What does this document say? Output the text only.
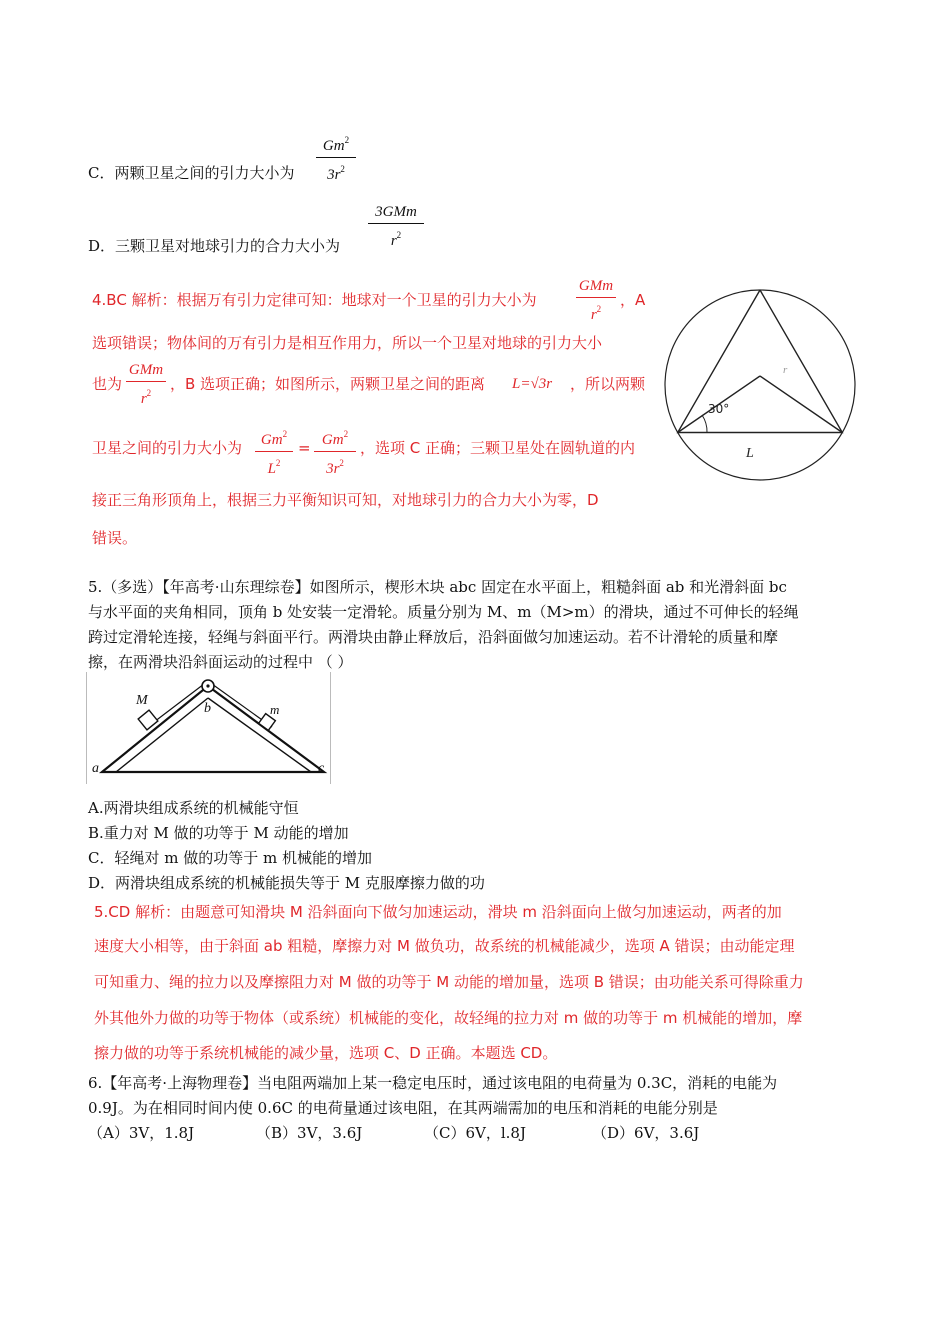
C．两颗卫星之间的引力大小为
Gm$^2$
$3r^2$
D．三颗卫星对地球引力的合力大小为
3GMm
$r^2$
4.BC 解析：根据万有引力定律可知：地球对一个卫星的引力大小为
GMm
$r^2$	，A
选项错误；物体间的万有引力是相互作用力，所以一个卫星对地球的引力大小
也为
GMm
$r^2$	，B 选项正确；如图所示，两颗卫星之间的距离 L=√3r ，所以两颗
卫星之间的引力大小为	Gm$^2$
$L^2$
= $Gm^2$
$3r^2$
，选项 C 正确；三颗卫星处在圆轨道的内
接正三角形顶角上，根据三力平衡知识可知，对地球引力的合力大小为零，D
错误。
30°
r
L
5.（多选）【年高考·山东理综卷】如图所示，楔形木块 abc 固定在水平面上，粗糙斜面 ab 和光滑斜面 bc
与水平面的夹角相同，顶角 b 处安装一定滑轮。质量分别为 M、m（M>m）的滑块，通过不可伸长的轻绳
跨过定滑轮连接，轻绳与斜面平行。两滑块由静止释放后，沿斜面做匀加速运动。若不计滑轮的质量和摩
擦，在两滑块沿斜面运动的过程中 （ ）
M
m
b
a	c
A.两滑块组成系统的机械能守恒
B.重力对 M 做的功等于 M 动能的增加
C．轻绳对 m 做的功等于 m 机械能的增加
D．两滑块组成系统的机械能损失等于 M 克服摩擦力做的功
5.CD 解析：由题意可知滑块 M 沿斜面向下做匀加速运动，滑块 m 沿斜面向上做匀加速运动，两者的加
速度大小相等，由于斜面 ab 粗糙，摩擦力对 M 做负功，故系统的机械能减少，选项 A 错误；由动能定理
可知重力、绳的拉力以及摩擦阻力对 M 做的功等于 M 动能的增加量，选项 B 错误；由功能关系可得除重力
外其他外力做的功等于物体（或系统）机械能的变化，故轻绳的拉力对 m 做的功等于 m 机械能的增加，摩
擦力做的功等于系统机械能的减少量，选项 C、D 正确。本题选 CD。
6.【年高考·上海物理卷】当电阻两端加上某一稳定电压时，通过该电阻的电荷量为 0.3C，消耗的电能为
0.9J。为在相同时间内使 0.6C 的电荷量通过该电阻，在其两端需加的电压和消耗的电能分别是
（A）3V，1.8J	（B）3V，3.6J	（C）6V，l.8J	（D）6V，3.6J
